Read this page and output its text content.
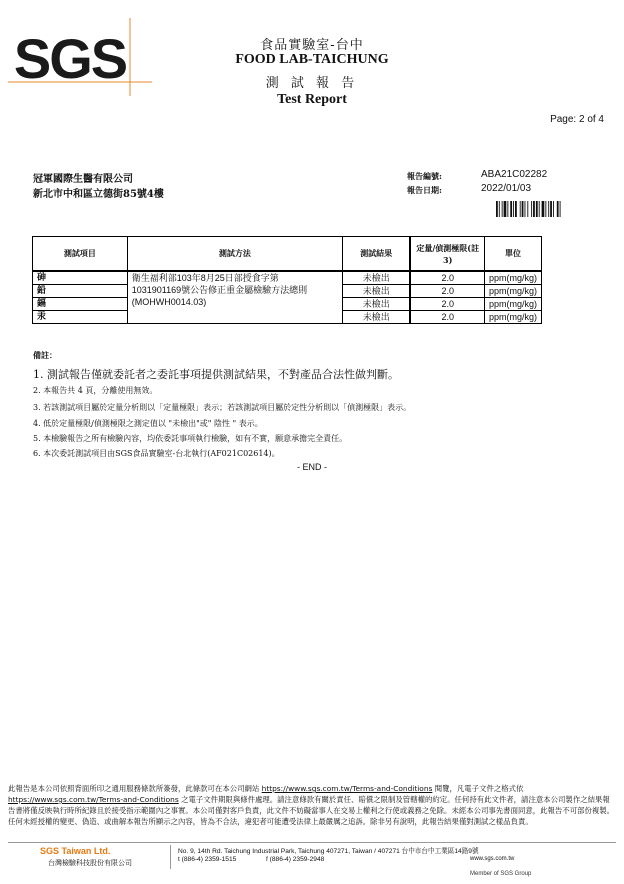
SGS	食品實驗室-台中
FOOD LAB-TAICHUNG
測 試 報 告
Test Report
Page: 2 of 4
冠軍國際生醫有限公司
新北市中和區立德街85號4樓
報告編號:	ABA21C02282
報告日期:	2022/01/03
測試項目	測試方法	測試結果	定量/偵測極限(註3)	單位
砷	衛生福利部103年8月25日部授食字第
1031901169號公告修正重金屬檢驗方法總則
(MOHWH0014.03)	未檢出	2.0	ppm(mg/kg)
鉛		未檢出	2.0	ppm(mg/kg)
鎘		未檢出	2.0	ppm(mg/kg)
汞		未檢出	2.0	ppm(mg/kg)
備註：
1. 測試報告僅就委託者之委託事項提供測試結果，不對產品合法性做判斷。
2. 本報告共 4 頁，分離使用無效。
3. 若該測試項目屬於定量分析則以「定量極限」表示；若該測試項目屬於定性分析則以「偵測極限」表示。
4. 低於定量極限/偵測極限之測定值以 "未檢出"或" 陰性 " 表示。
5. 本檢驗報告之所有檢驗內容，均依委託事項執行檢驗，如有不實，願意承擔完全責任。
6. 本次委託測試項目由SGS食品實驗室-台北執行(AF021C02614)。
- END -
此報告是本公司依照背面所印之通用服務條款所簽發，此條款可在本公司網站 https://www.sgs.com.tw/Terms-and-Conditions 閱覽，凡電子文件之格式依https://www.sgs.com.tw/Terms-and-Conditions 之電子文件期限與條件處理。請注意條款有關於責任、賠償之限制及管轄權的約定。任何持有此文件者，請注意本公司製作之結果報告書將僅反映執行時所紀錄且於接受指示範圍內之事實。本公司僅對客戶負責，此文件不妨礙當事人在交易上權利之行使或義務之免除。未經本公司事先書面同意，此報告不可部份複製。任何未經授權的變更、偽造、或曲解本報告所顯示之內容，皆為不合法，違犯者可能遭受法律上最嚴厲之追訴。除非另有說明，此報告結果僅對測試之樣品負責。
SGS Taiwan Ltd.
台灣檢驗科技股份有限公司
No. 9, 14th Rd. Taichung Industrial Park, Taichung 407271, Taiwan / 407271 台中市台中工業區14路9號
t (886-4) 2359-1515	f (886-4) 2359-2948	www.sgs.com.tw
Member of SGS Group
